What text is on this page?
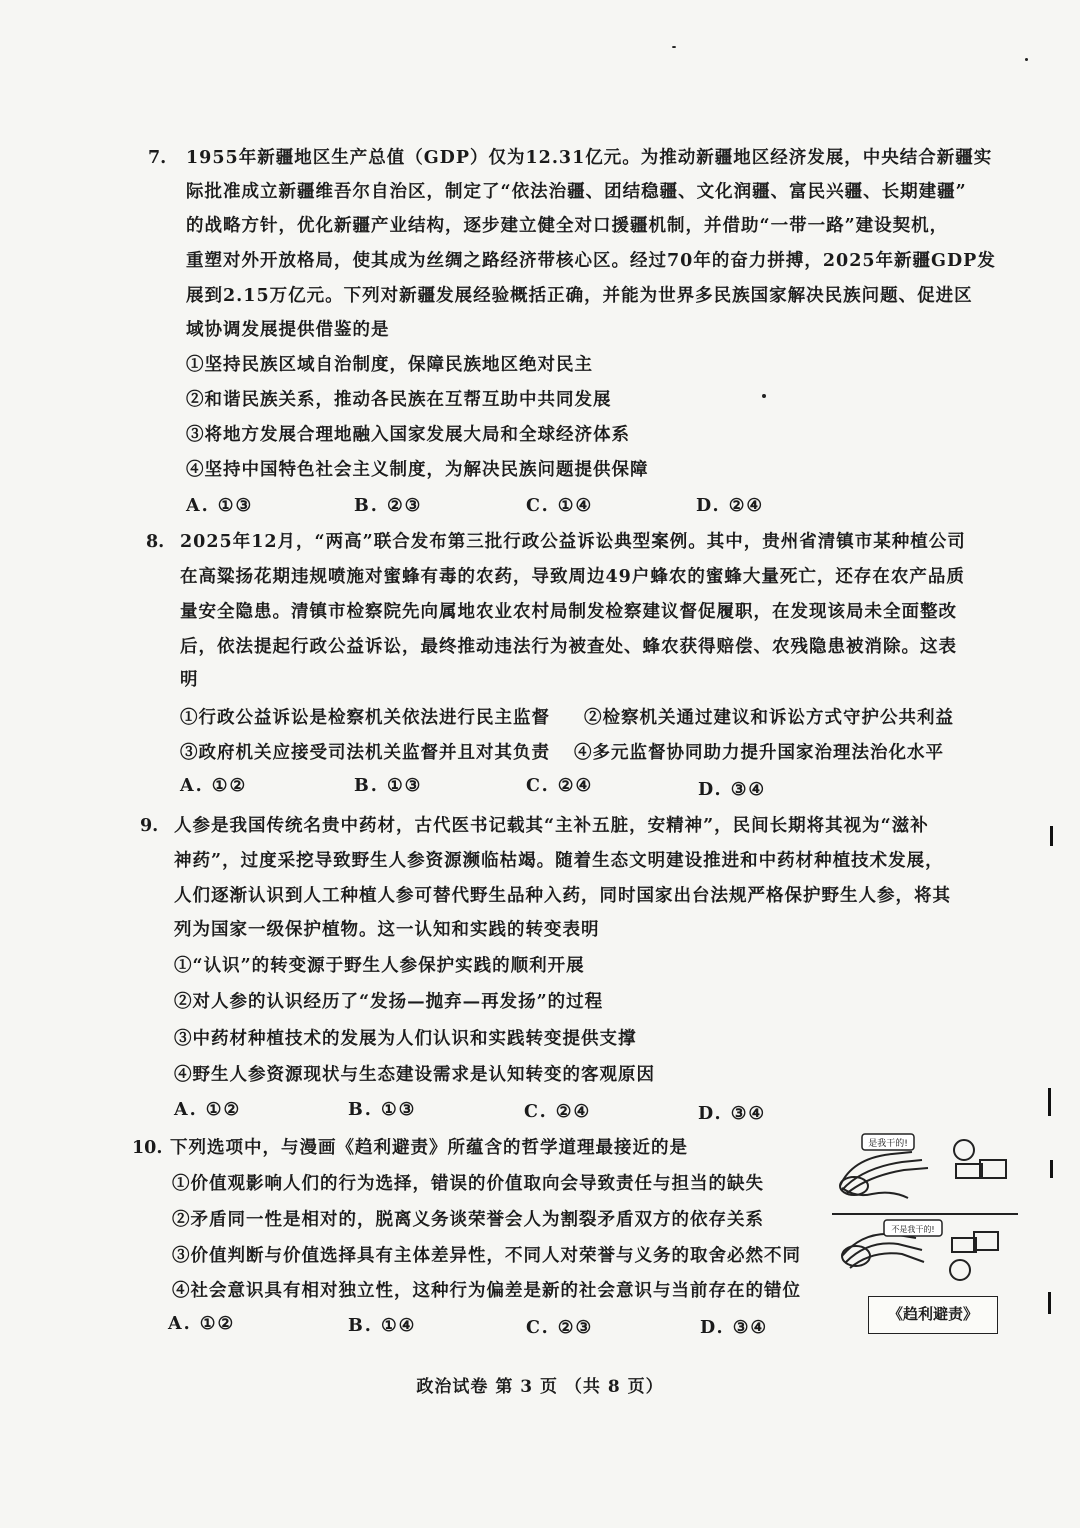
7. 1955年新疆地区生产总值（GDP）仅为12.31亿元。为推动新疆地区经济发展，中央结合新疆实
际批准成立新疆维吾尔自治区，制定了“依法治疆、团结稳疆、文化润疆、富民兴疆、长期建疆”
的战略方针，优化新疆产业结构，逐步建立健全对口援疆机制，并借助“一带一路”建设契机，
重塑对外开放格局，使其成为丝绸之路经济带核心区。经过70年的奋力拼搏，2025年新疆GDP发
展到2.15万亿元。下列对新疆发展经验概括正确，并能为世界多民族国家解决民族问题、促进区
域协调发展提供借鉴的是
①坚持民族区域自治制度，保障民族地区绝对民主
②和谐民族关系，推动各民族在互帮互助中共同发展
③将地方发展合理地融入国家发展大局和全球经济体系
④坚持中国特色社会主义制度，为解决民族问题提供保障
A. ①③	B. ②③	C. ①④	D. ②④
8. 2025年12月，“两高”联合发布第三批行政公益诉讼典型案例。其中，贵州省清镇市某种植公司
在高粱扬花期违规喷施对蜜蜂有毒的农药，导致周边49户蜂农的蜜蜂大量死亡，还存在农产品质
量安全隐患。清镇市检察院先向属地农业农村局制发检察建议督促履职，在发现该局未全面整改
后，依法提起行政公益诉讼，最终推动违法行为被查处、蜂农获得赔偿、农残隐患被消除。这表
明
①行政公益诉讼是检察机关依法进行民主监督 ②检察机关通过建议和诉讼方式守护公共利益
③政府机关应接受司法机关监督并且对其负责 ④多元监督协同助力提升国家治理法治化水平
A. ①②	B. ①③	C. ②④	D. ③④
9. 人参是我国传统名贵中药材，古代医书记载其“主补五脏，安精神”，民间长期将其视为“滋补
神药”，过度采挖导致野生人参资源濒临枯竭。随着生态文明建设推进和中药材种植技术发展，
人们逐渐认识到人工种植人参可替代野生品种入药，同时国家出台法规严格保护野生人参，将其
列为国家一级保护植物。这一认知和实践的转变表明
①“认识”的转变源于野生人参保护实践的顺利开展
②对人参的认识经历了“发扬—抛弃—再发扬”的过程
③中药材种植技术的发展为人们认识和实践转变提供支撑
④野生人参资源现状与生态建设需求是认知转变的客观原因
A. ①②	B. ①③	C. ②④	D. ③④
10. 下列选项中，与漫画《趋利避责》所蕴含的哲学道理最接近的是
①价值观影响人们的行为选择，错误的价值取向会导致责任与担当的缺失
②矛盾同一性是相对的，脱离义务谈荣誉会人为割裂矛盾双方的依存关系
③价值判断与价值选择具有主体差异性，不同人对荣誉与义务的取舍必然不同
④社会意识具有相对独立性，这种行为偏差是新的社会意识与当前存在的错位
A. ①②	B. ①④	C. ②③	D. ③④
是我干的!
不是我干的!
《趋利避责》
政治试卷 第 3 页 （共 8 页）
